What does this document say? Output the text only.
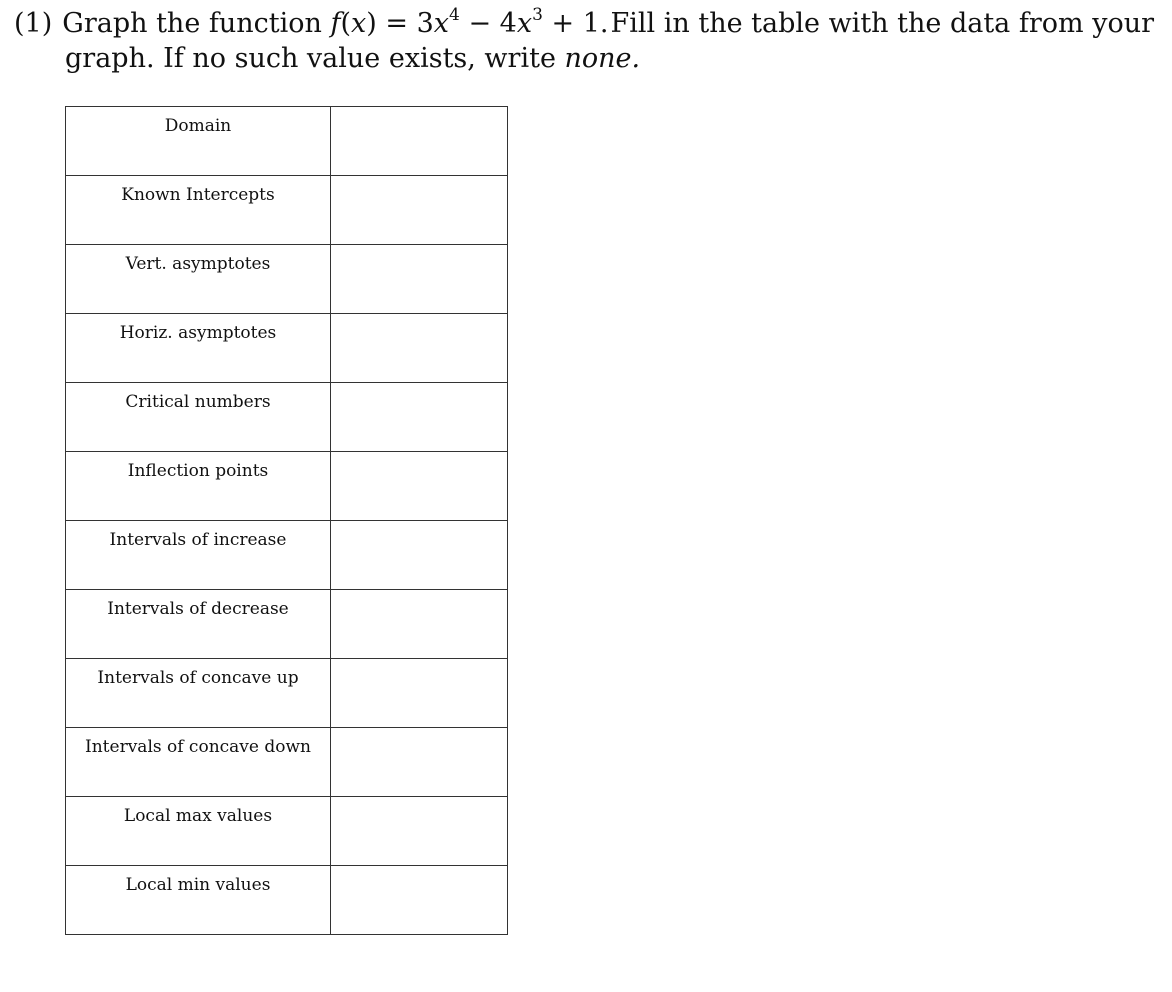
(1) Graph the function $f(x) = 3x^4 - 4x^3 + 1$. Fill in the table with the data from your
graph. If no such value exists, write none.
Domain	

Known Intercepts	

Vert. asymptotes	

Horiz. asymptotes	

Critical numbers	

Inflection points	

Intervals of increase	

Intervals of decrease	

Intervals of concave up	

Intervals of concave down	

Local max values	

Local min values	
